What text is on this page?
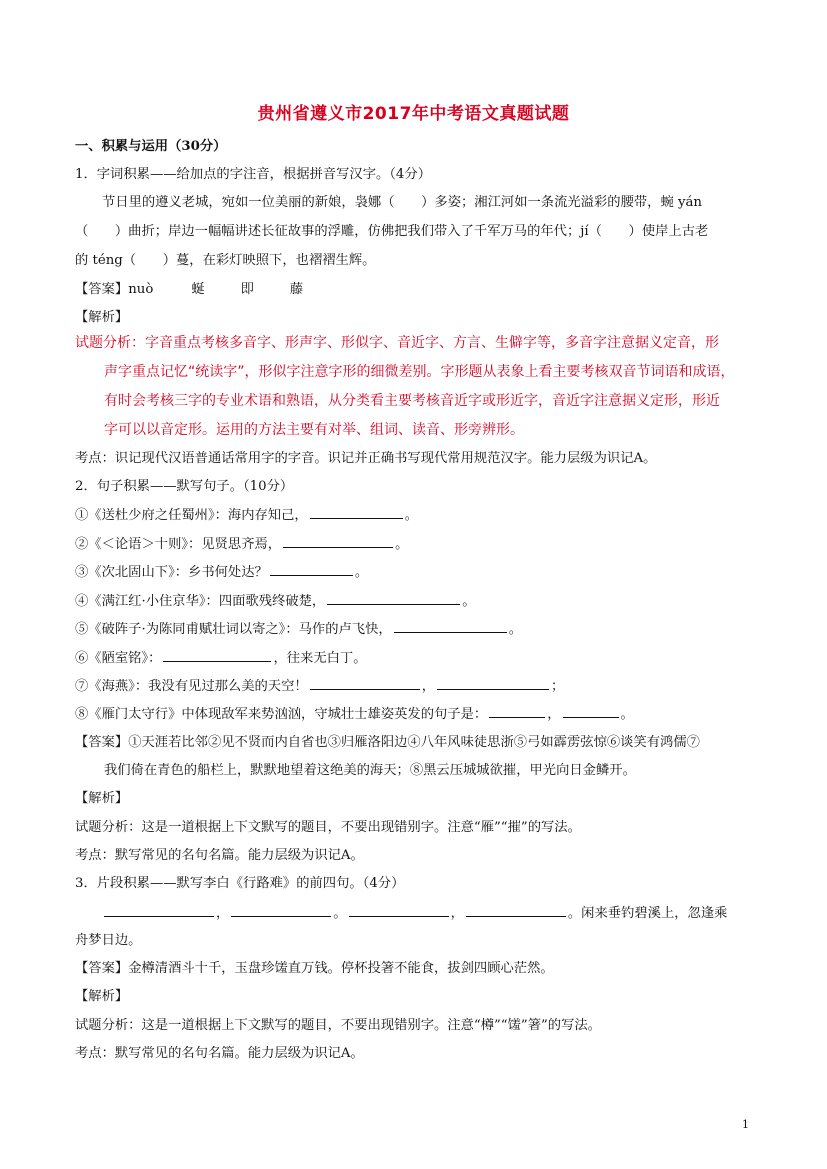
贵州省遵义市2017年中考语文真题试题
一、积累与运用（30分）
1．字词积累——给加点的字注音，根据拼音写汉字。（4分）
节日里的遵义老城，宛如一位美丽的新娘，袅娜（　　）多姿；湘江河如一条流光溢彩的腰带，蜿 yán
（　　）曲折；岸边一幅幅讲述长征故事的浮雕，仿佛把我们带入了千军万马的年代；jí（　　）使岸上古老
的 téng（　　）蔓，在彩灯映照下，也褶褶生辉。
【答案】nuò	蜒	即	藤
【解析】
试题分析：字音重点考核多音字、形声字、形似字、音近字、方言、生僻字等，多音字注意据义定音，形
声字重点记忆“统读字”，形似字注意字形的细微差别。字形题从表象上看主要考核双音节词语和成语，
有时会考核三字的专业术语和熟语，从分类看主要考核音近字或形近字，音近字注意据义定形，形近
字可以以音定形。运用的方法主要有对举、组词、读音、形旁辨形。
考点：识记现代汉语普通话常用字的字音。识记并正确书写现代常用规范汉字。能力层级为识记A。
2．句子积累——默写句子。（10分）
①《送杜少府之任蜀州》：海内存知己，	。
②《＜论语＞十则》：见贤思齐焉，	。
③《次北固山下》：乡书何处达？	。
④《满江红·小住京华》：四面歌残终破楚，	。
⑤《破阵子·为陈同甫赋壮词以寄之》：马作的卢飞快，	。
⑥《陋室铭》：	，往来无白丁。
⑦《海燕》：我没有见过那么美的天空！	，	；
⑧《雁门太守行》中体现敌军来势汹汹，守城壮士雄姿英发的句子是：	，	。
【答案】①天涯若比邻②见不贤而内自省也③归雁洛阳边④八年风味徒思浙⑤弓如霹雳弦惊⑥谈笑有鸿儒⑦
我们倚在青色的船栏上，默默地望着这绝美的海天；⑧黑云压城城欲摧，甲光向日金鳞开。
【解析】
试题分析：这是一道根据上下文默写的题目，不要出现错别字。注意“雁”“摧”的写法。
考点：默写常见的名句名篇。能力层级为识记A。
3．片段积累——默写李白《行路难》的前四句。（4分）
，	。	，	。闲来垂钓碧溪上，忽逢乘
舟梦日边。
【答案】金樽清酒斗十千，玉盘珍馐直万钱。停杯投箸不能食，拔剑四顾心茫然。
【解析】
试题分析：这是一道根据上下文默写的题目，不要出现错别字。注意“樽”“馐”箸”的写法。
考点：默写常见的名句名篇。能力层级为识记A。
1
